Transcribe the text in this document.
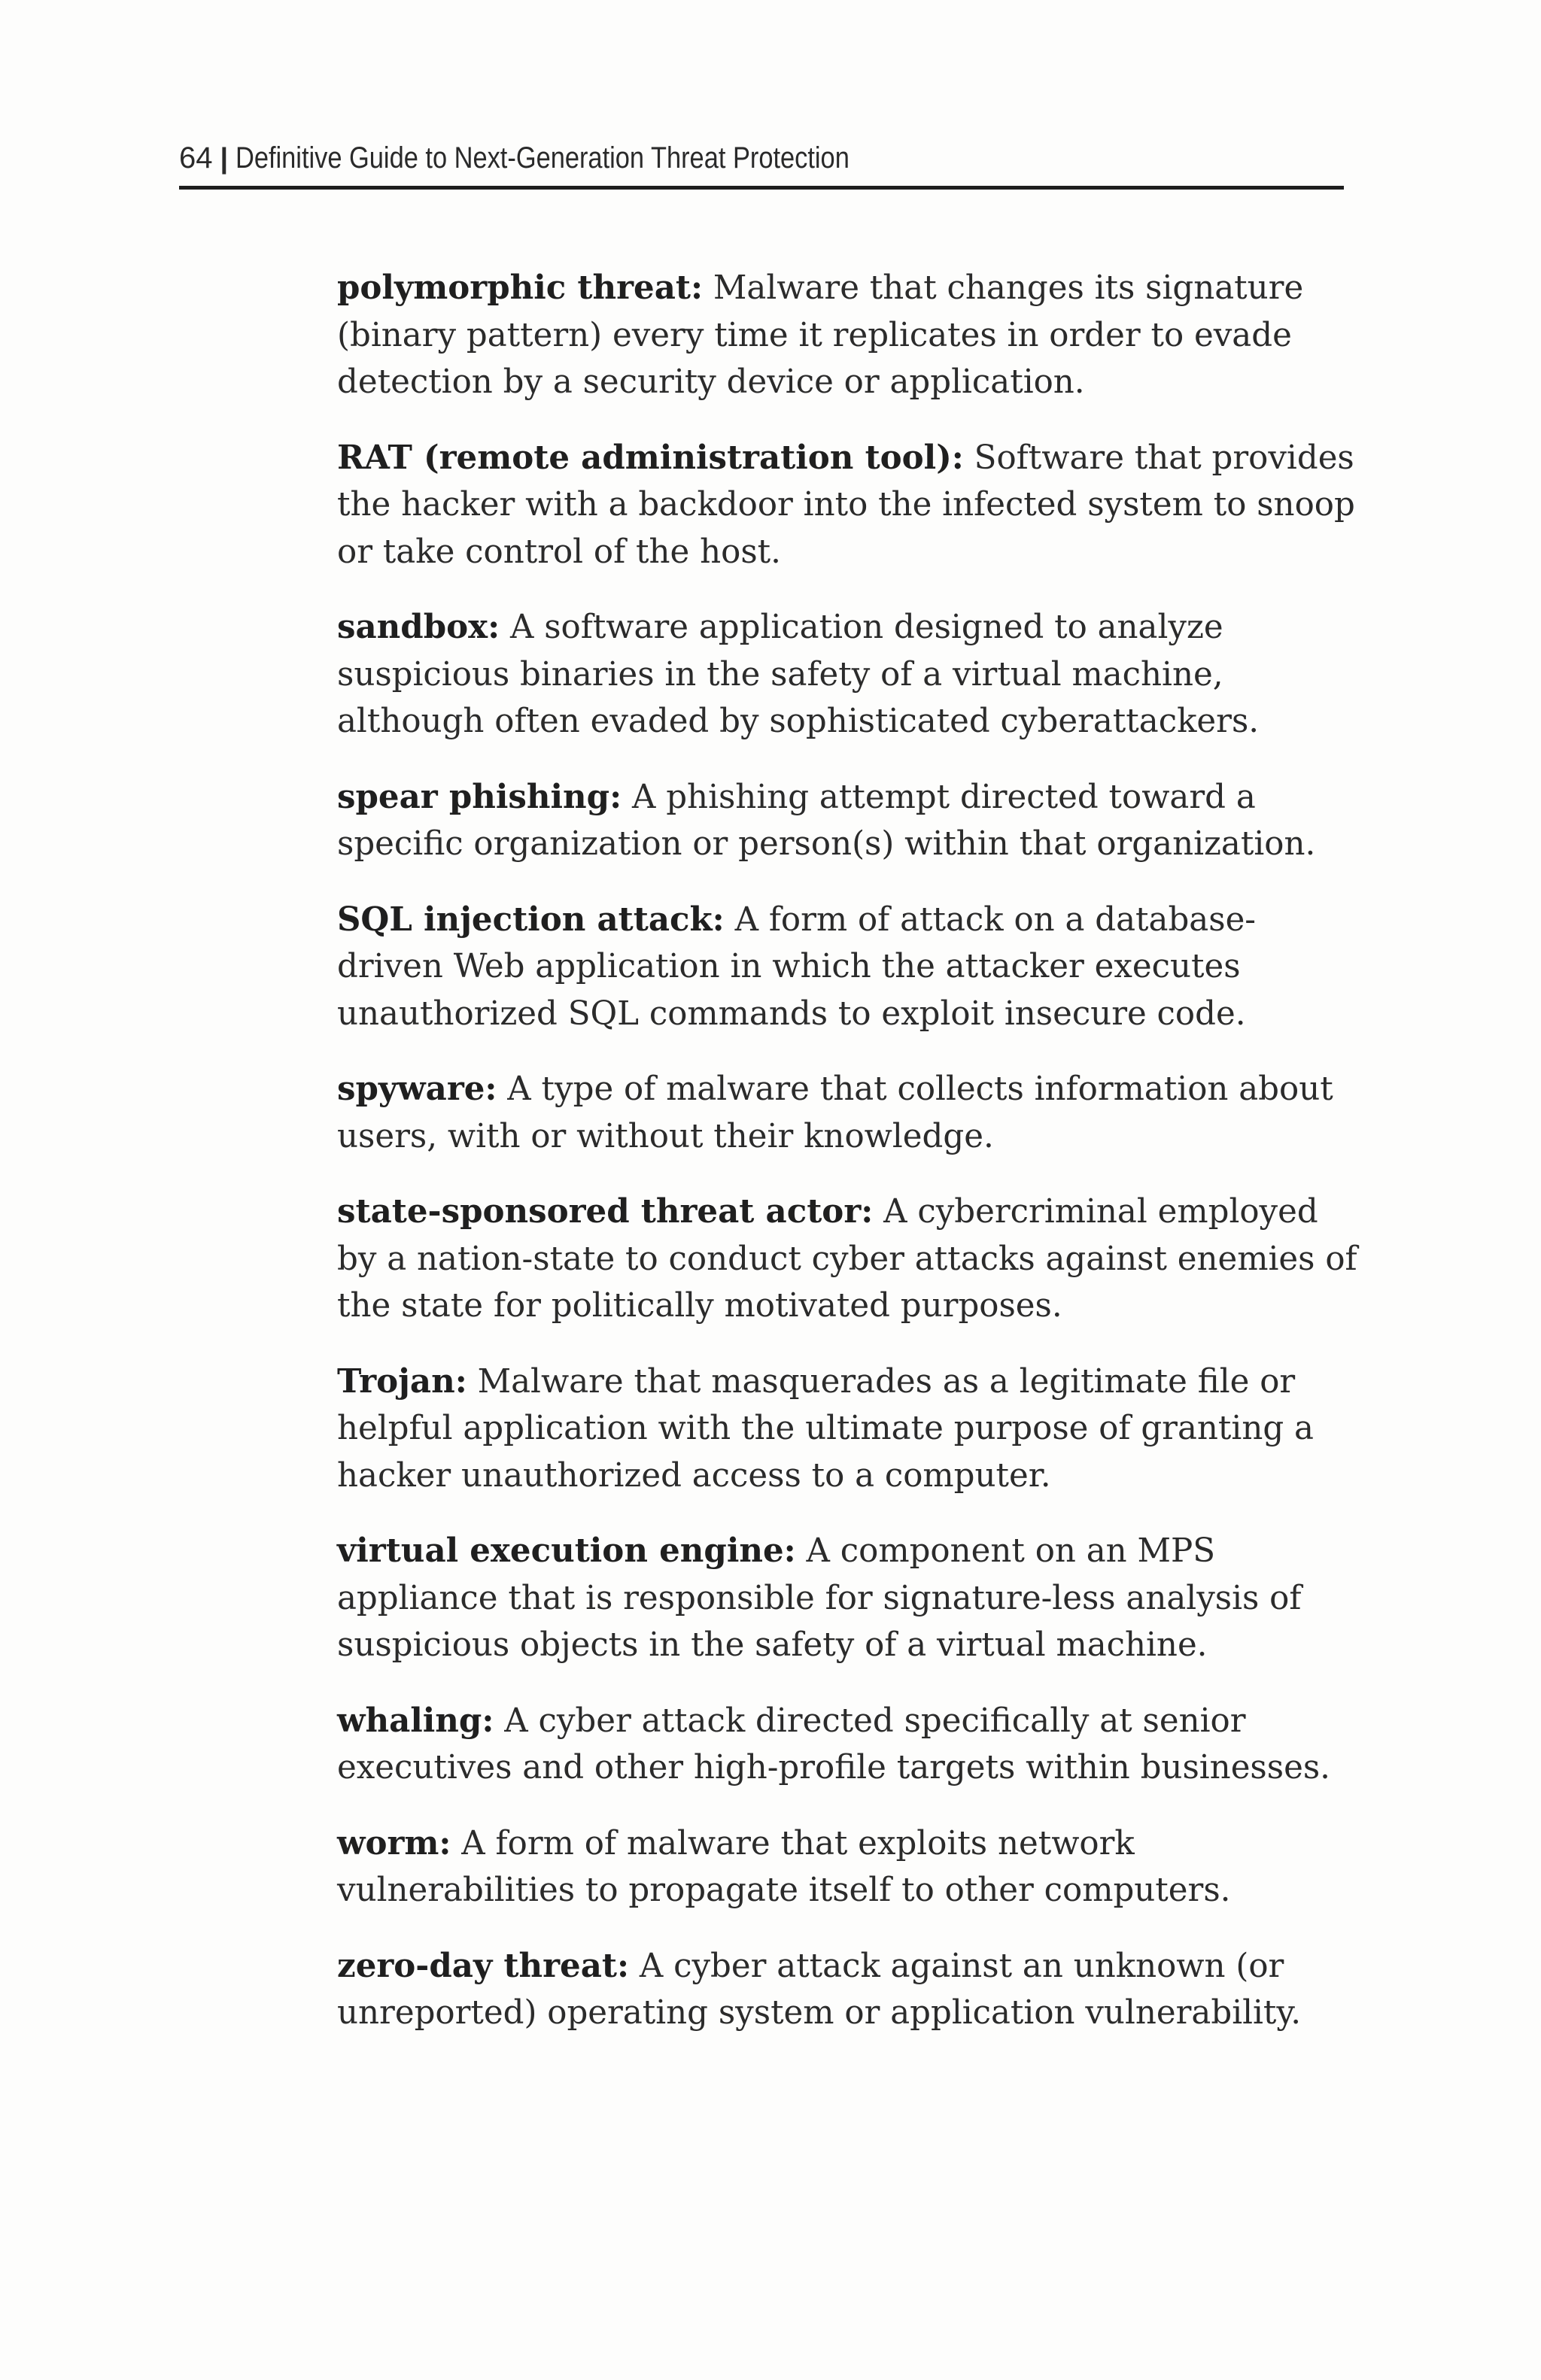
64 | Definitive Guide to Next-Generation Threat Protection

polymorphic threat: Malware that changes its signature (binary pattern) every time it replicates in order to evade detection by a security device or application.

RAT (remote administration tool): Software that provides the hacker with a backdoor into the infected system to snoop or take control of the host.

sandbox: A software application designed to analyze suspicious binaries in the safety of a virtual machine, although often evaded by sophisticated cyberattackers.

spear phishing: A phishing attempt directed toward a specific organization or person(s) within that organization.

SQL injection attack: A form of attack on a database-driven Web application in which the attacker executes unauthorized SQL commands to exploit insecure code.

spyware: A type of malware that collects information about users, with or without their knowledge.

state-sponsored threat actor: A cybercriminal employed by a nation-state to conduct cyber attacks against enemies of the state for politically motivated purposes.

Trojan: Malware that masquerades as a legitimate file or helpful application with the ultimate purpose of granting a hacker unauthorized access to a computer.

virtual execution engine: A component on an MPS appliance that is responsible for signature-less analysis of suspicious objects in the safety of a virtual machine.

whaling: A cyber attack directed specifically at senior executives and other high-profile targets within businesses.

worm: A form of malware that exploits network vulnerabilities to propagate itself to other computers.

zero-day threat: A cyber attack against an unknown (or unreported) operating system or application vulnerability.
